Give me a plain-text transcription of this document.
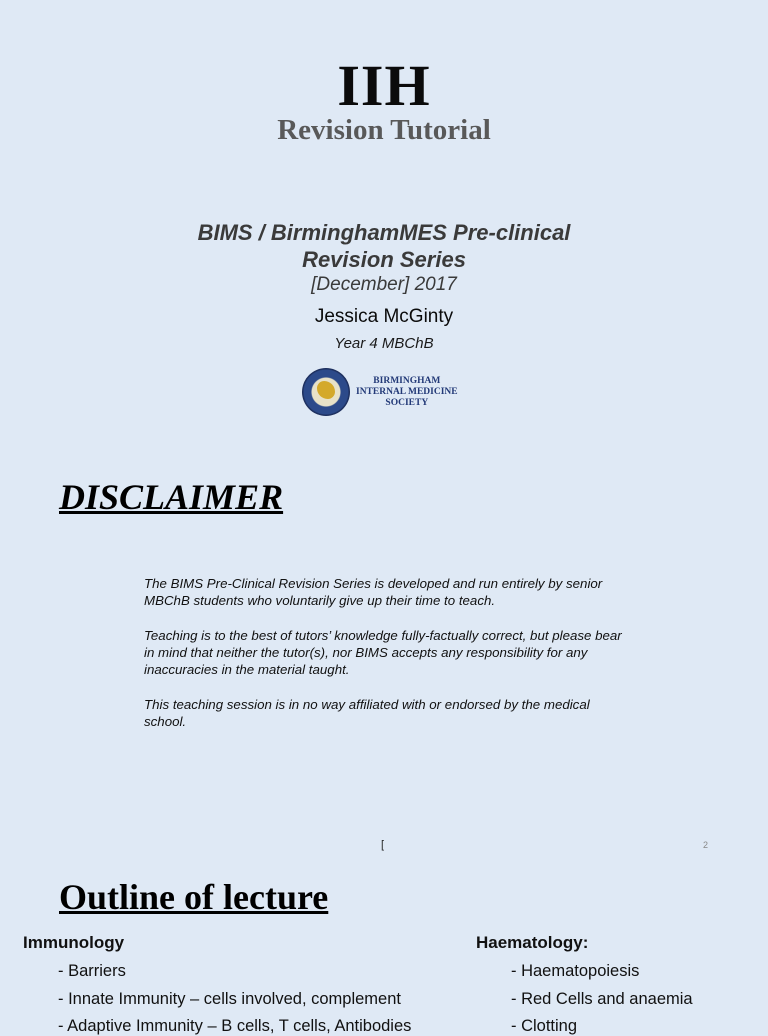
IIH
Revision Tutorial
BIMS / BirminghamMES Pre-clinical
Revision Series
[December] 2017
Jessica McGinty
Year 4 MBChB
BIRMINGHAM
INTERNAL MEDICINE
SOCIETY
DISCLAIMER
The BIMS Pre-Clinical Revision Series is developed and run entirely by senior MBChB students who voluntarily give up their time to teach.
Teaching is to the best of tutors’ knowledge fully-factually correct, but please bear in mind that neither the tutor(s), nor BIMS accepts any responsibility for any inaccuracies in the material taught.
This teaching session is in no way affiliated with or endorsed by the medical school.
[	2
Outline of lecture
Immunology	Haematology:
- Barriers
- Innate Immunity – cells involved, complement
- Adaptive Immunity – B cells, T cells, Antibodies
- Haematopoiesis
- Red Cells and anaemia
- Clotting
